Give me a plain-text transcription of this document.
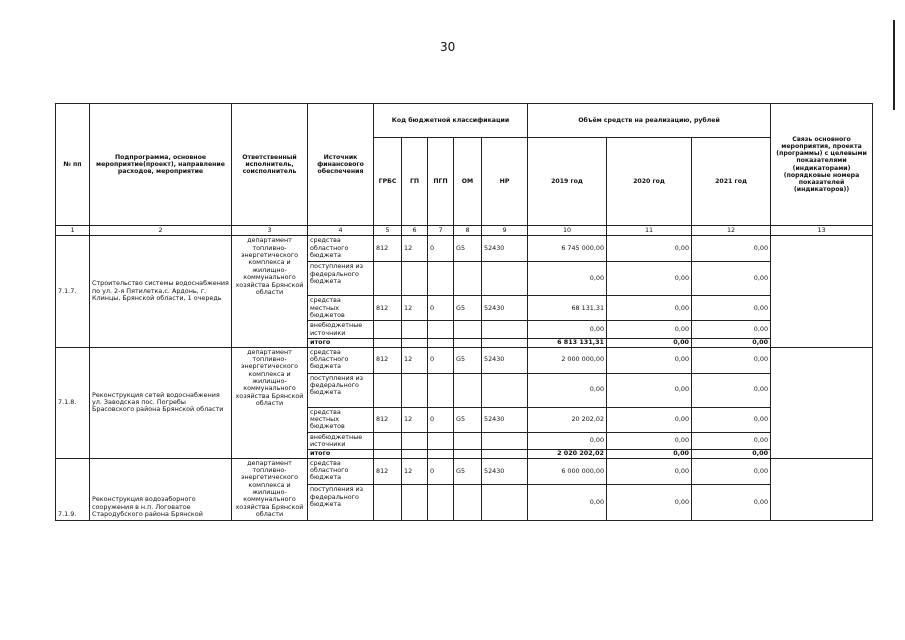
30
№ пп	Подпрограмма, основное мероприятие(проект), направление расходов, мероприятие	Ответственный исполнитель, соисполнитель	Источник финансового обеспечения	Код бюджетной классификации					Объём средств на реализацию, рублей			Связь основного мероприятия, проекта (программы) с целевыми показателями (индикаторами) (порядковые номера показателей (индикаторов))
				ГРБС	ГП	ПГП	ОМ	НР	2019 год	2020 год	2021 год	
1	2	3	4	5	6	7	8	9	10	11	12	13
7.1.7.	Строительство системы водоснабжения по ул. 2-я Пятилетка,с. Ардонь, г. Клинцы, Брянской области, 1 очередь	департамент топливно-энергетического комплекса и жилищно-коммунального хозяйства Брянской области	средства областного бюджета	812	12	0	G5	52430	6 745 000,00	0,00	0,00	
			поступления из федерального бюджета						0,00	0,00	0,00	
			средства местных бюджетов	812	12	0	G5	52430	68 131,31	0,00	0,00	
			внебюджетные источники						0,00	0,00	0,00	
			итого						6 813 131,31	0,00	0,00	
7.1.8.	Реконструкция сетей водоснабжения ул. Заводская пос. Погребы Брасовского района Брянской области	департамент топливно-энергетического комплекса и жилищно-коммунального хозяйства Брянской области	средства областного бюджета	812	12	0	G5	52430	2 000 000,00	0,00	0,00	
			поступления из федерального бюджета						0,00	0,00	0,00	
			средства местных бюджетов	812	12	0	G5	52430	20 202,02	0,00	0,00	
			внебюджетные источники						0,00	0,00	0,00	
			итого						2 020 202,02	0,00	0,00	
7.1.9.	Реконструкция водозаборного сооружения в н.п. Логоватое Стародубского района Брянской	департамент топливно-энергетического комплекса и жилищно-коммунального хозяйства Брянской области	средства областного бюджета	812	12	0	G5	52430	6 000 000,00	0,00	0,00	
			поступления из федерального бюджета						0,00	0,00	0,00	
